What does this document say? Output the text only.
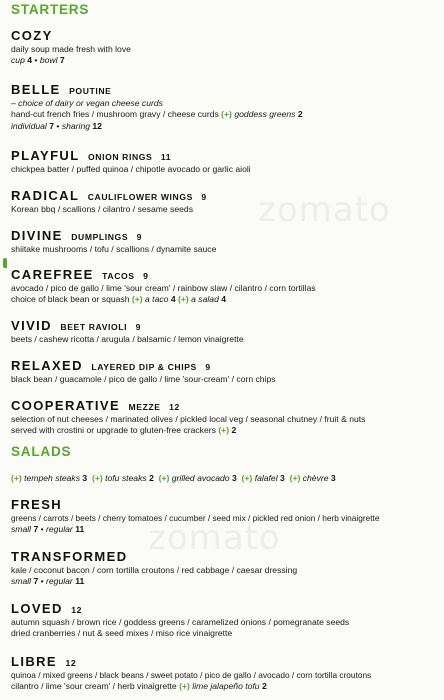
zomato
zomato
STARTERS
COZY
daily soup made fresh with love
cup 4 • bowl 7
BELLE POUTINE
– choice of dairy or vegan cheese curds
hand-cut french fries / mushroom gravy / cheese curds (+) goddess greens 2
individual 7 • sharing 12
PLAYFUL ONION RINGS 11
chickpea batter / puffed quinoa / chipotle avocado or garlic aioli
RADICAL CAULIFLOWER WINGS 9
Korean bbq / scallions / cilantro / sesame seeds
DIVINE DUMPLINGS 9
shiitake mushrooms / tofu / scallions / dynamite sauce
CAREFREE TACOS 9
avocado / pico de gallo / lime 'sour cream' / rainbow slaw / cilantro / corn tortillas
choice of black bean or squash (+) a taco 4 (+) a salad 4
VIVID BEET RAVIOLI 9
beets / cashew ricotta / arugula / balsamic / lemon vinaigrette
RELAXED LAYERED DIP & CHIPS 9
black bean / guacamole / pico de gallo / lime 'sour-cream' / corn chips
COOPERATIVE MEZZE 12
selection of nut cheeses / marinated olives / pickled local veg / seasonal chutney / fruit & nuts
served with crostini or upgrade to gluten-free crackers (+) 2
SALADS
(+) tempeh steaks 3 (+) tofu steaks 2 (+) grilled avocado 3 (+) falafel 3 (+) chèvre 3
FRESH
greens / carrots / beets / cherry tomatoes / cucumber / seed mix / pickled red onion / herb vinaigrette
small 7 • regular 11
TRANSFORMED
kale / coconut bacon / corn tortilla croutons / red cabbage / caesar dressing
small 7 • regular 11
LOVED 12
autumn squash / brown rice / goddess greens / caramelized onions / pomegranate seeds
dried cranberries / nut & seed mixes / miso rice vinaigrette
LIBRE 12
quinoa / mixed greens / black beans / sweet potato / pico de gallo / avocado / corn tortilla croutons
cilantro / lime 'sour cream' / herb vinaigrette (+) lime jalapeño tofu 2
